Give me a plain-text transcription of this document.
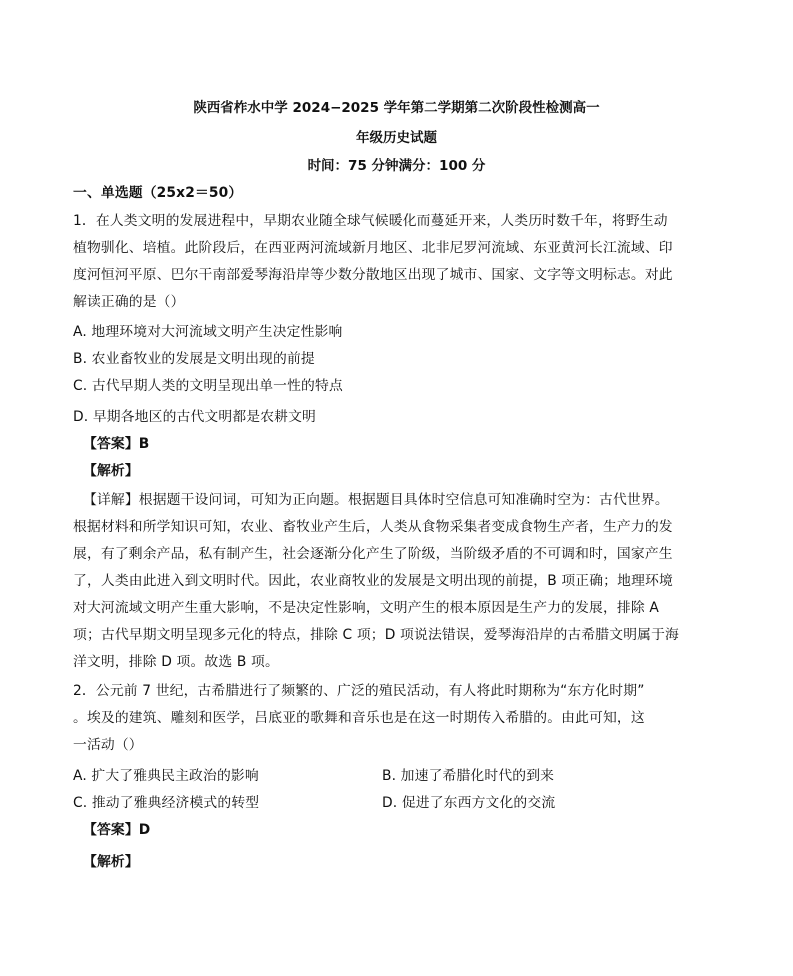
陕西省柞水中学 2024−2025 学年第二学期第二次阶段性检测高一
年级历史试题
时间：75 分钟满分：100 分
一、单选题（25x2＝50）
1．在人类文明的发展进程中，早期农业随全球气候暖化而蔓延开来，人类历时数千年，将野生动
植物驯化、培植。此阶段后，在西亚两河流域新月地区、北非尼罗河流域、东亚黄河长江流域、印
度河恒河平原、巴尔干南部爱琴海沿岸等少数分散地区出现了城市、国家、文字等文明标志。对此
解读正确的是（）
A. 地理环境对大河流域文明产生决定性影响
B. 农业畜牧业的发展是文明出现的前提
C. 古代早期人类的文明呈现出单一性的特点
D. 早期各地区的古代文明都是农耕文明
【答案】B
【解析】
【详解】根据题干设问词，可知为正向题。根据题目具体时空信息可知准确时空为：古代世界。
根据材料和所学知识可知，农业、畜牧业产生后，人类从食物采集者变成食物生产者，生产力的发
展，有了剩余产品，私有制产生，社会逐渐分化产生了阶级，当阶级矛盾的不可调和时，国家产生
了，人类由此进入到文明时代。因此，农业商牧业的发展是文明出现的前提，B 项正确；地理环境
对大河流域文明产生重大影响，不是决定性影响，文明产生的根本原因是生产力的发展，排除 A
项；古代早期文明呈现多元化的特点，排除 C 项；D 项说法错误，爱琴海沿岸的古希腊文明属于海
洋文明，排除 D 项。故选 B 项。
2．公元前 7 世纪，古希腊进行了频繁的、广泛的殖民活动，有人将此时期称为“东方化时期”
。埃及的建筑、雕刻和医学，吕底亚的歌舞和音乐也是在这一时期传入希腊的。由此可知，这
一活动（）
A. 扩大了雅典民主政治的影响	B. 加速了希腊化时代的到来
C. 推动了雅典经济模式的转型	D. 促进了东西方文化的交流
【答案】D
【解析】
